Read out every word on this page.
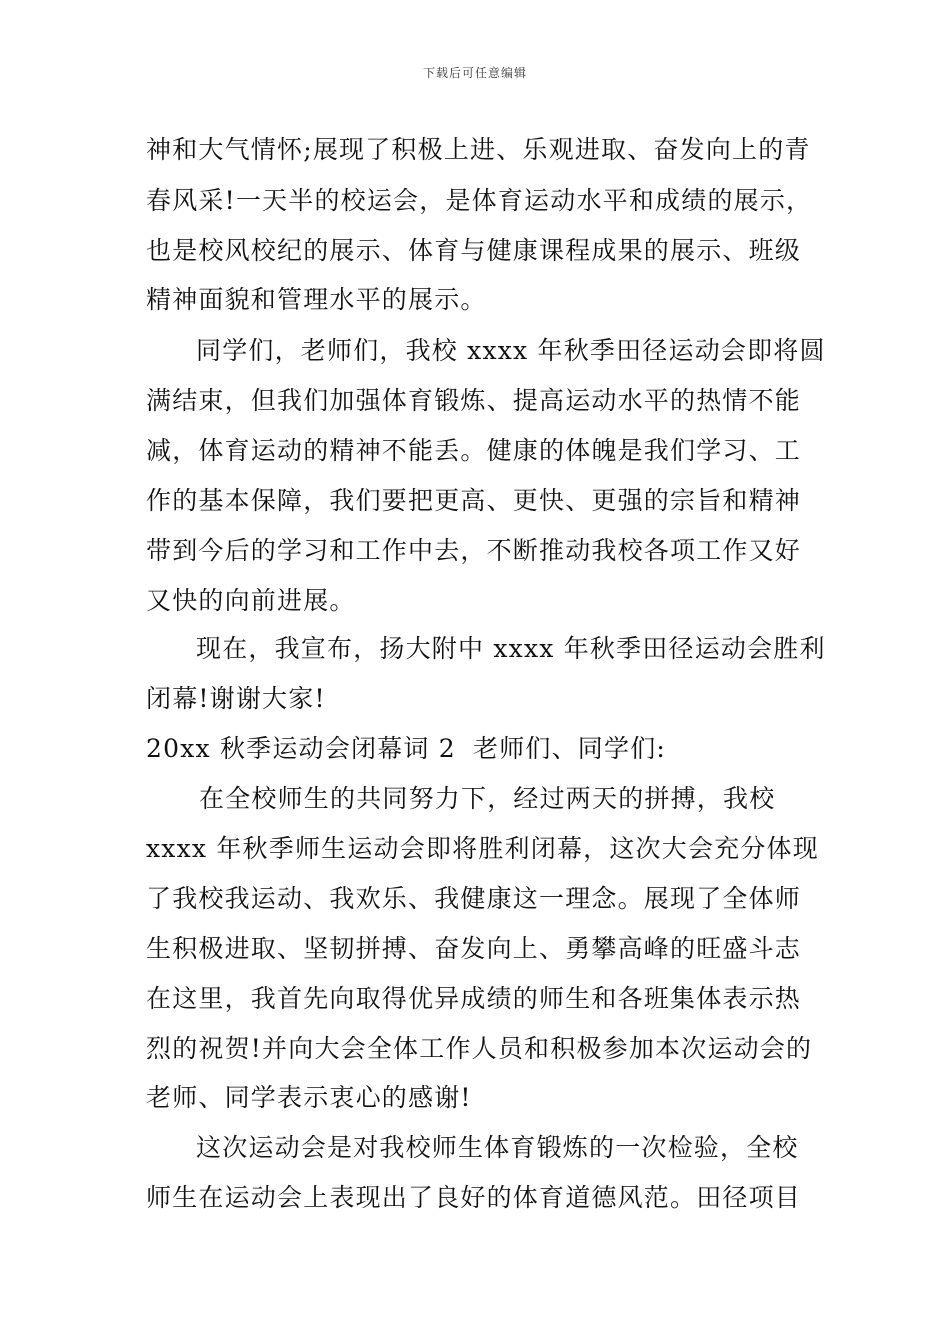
下载后可任意编辑
神和大气情怀;展现了积极上进、乐观进取、奋发向上的青
春风采!一天半的校运会，是体育运动水平和成绩的展示，
也是校风校纪的展示、体育与健康课程成果的展示、班级
精神面貌和管理水平的展示。
同学们，老师们，我校 xxxx 年秋季田径运动会即将圆
满结束，但我们加强体育锻炼、提高运动水平的热情不能
减，体育运动的精神不能丢。健康的体魄是我们学习、工
作的基本保障，我们要把更高、更快、更强的宗旨和精神
带到今后的学习和工作中去，不断推动我校各项工作又好
又快的向前进展。
现在，我宣布，扬大附中 xxxx 年秋季田径运动会胜利
闭幕!谢谢大家!
20xx 秋季运动会闭幕词 2 老师们、同学们:
在全校师生的共同努力下，经过两天的拼搏，我校
xxxx 年秋季师生运动会即将胜利闭幕，这次大会充分体现
了我校我运动、我欢乐、我健康这一理念。展现了全体师
生积极进取、坚韧拼搏、奋发向上、勇攀高峰的旺盛斗志
在这里，我首先向取得优异成绩的师生和各班集体表示热
烈的祝贺!并向大会全体工作人员和积极参加本次运动会的
老师、同学表示衷心的感谢!
这次运动会是对我校师生体育锻炼的一次检验，全校
师生在运动会上表现出了良好的体育道德风范。田径项目
